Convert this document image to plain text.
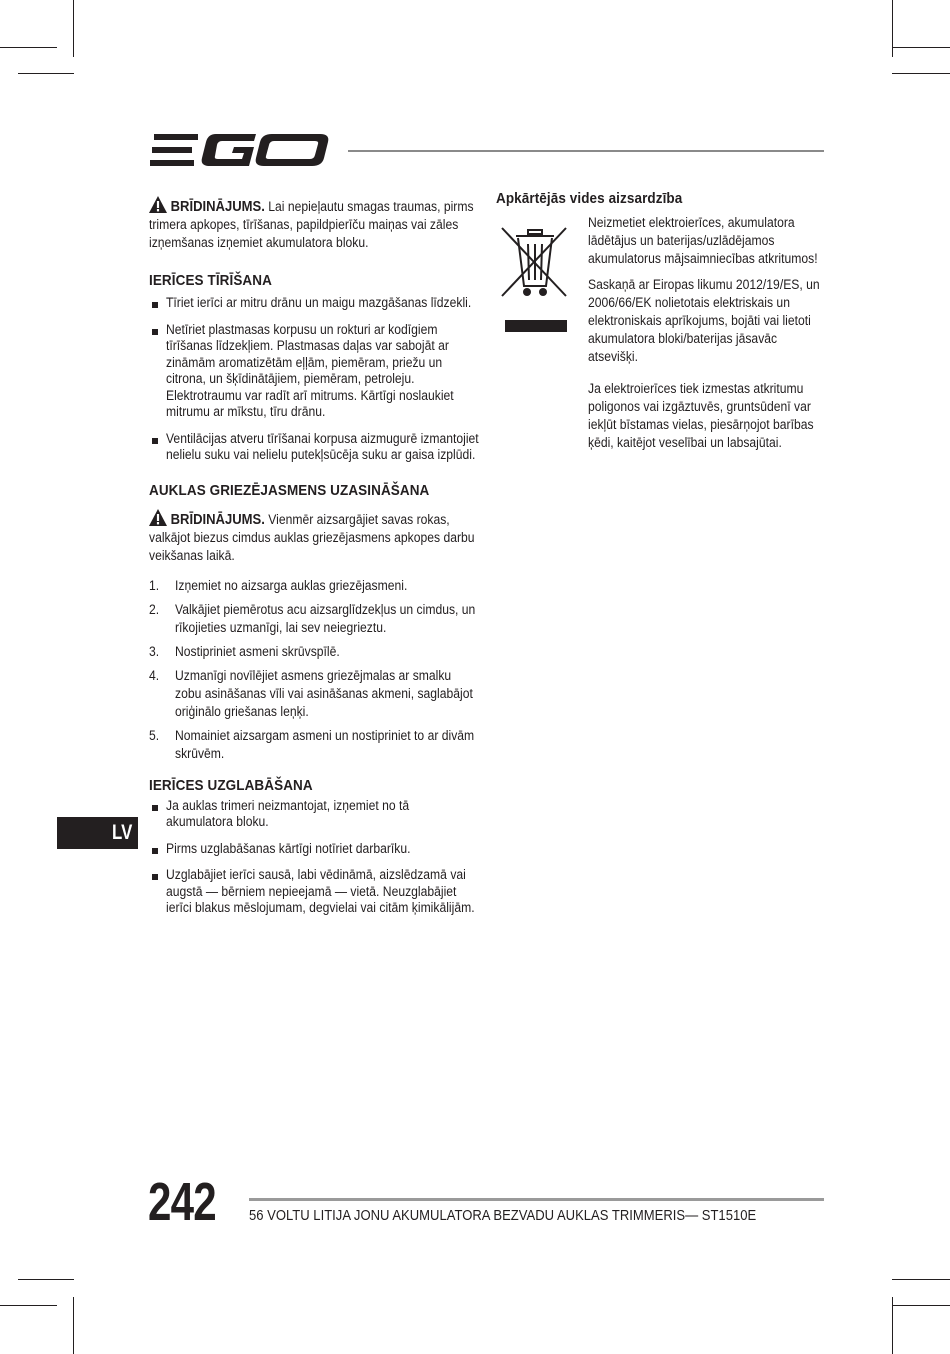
BRĪDINĀJUMS. Lai nepieļautu smagas traumas, pirms trimera apkopes, tīrīšanas, papildpierīču maiņas vai zāles izņemšanas izņemiet akumulatora bloku.

IERĪCES TĪRĪŠANA
Tīriet ierīci ar mitru drānu un maigu mazgāšanas līdzekli.
Netīriet plastmasas korpusu un rokturi ar kodīgiem tīrīšanas līdzekļiem. Plastmasas daļas var sabojāt ar zināmām aromatizētām eļļām, piemēram, priežu un citrona, un šķīdinātājiem, piemēram, petroleju. Elektrotraumu var radīt arī mitrums. Kārtīgi noslaukiet mitrumu ar mīkstu, tīru drānu.
Ventilācijas atveru tīrīšanai korpusa aizmugurē izmantojiet nelielu suku vai nelielu putekļsūcēja suku ar gaisa izplūdi.
AUKLAS GRIEZĒJASMENS UZASINĀŠANA

BRĪDINĀJUMS. Vienmēr aizsargājiet savas rokas, valkājot biezus cimdus auklas griezējasmens apkopes darbu veikšanas laikā.

1. Izņemiet no aizsarga auklas griezējasmeni.
2. Valkājiet piemērotus acu aizsarglīdzekļus un cimdus, un rīkojieties uzmanīgi, lai sev neiegrieztu.
3. Nostipriniet asmeni skrūvspīlē.
4. Uzmanīgi novīlējiet asmens griezējmalas ar smalku zobu asināšanas vīli vai asināšanas akmeni, saglabājot oriģinālo griešanas leņķi.
5. Nomainiet aizsargam asmeni un nostipriniet to ar divām skrūvēm.
IERĪCES UZGLABĀŠANA
Ja auklas trimeri neizmantojat, izņemiet no tā akumulatora bloku.
Pirms uzglabāšanas kārtīgi notīriet darbarīku.
Uzglabājiet ierīci sausā, labi vēdināmā, aizslēdzamā vai augstā — bērniem nepieejamā — vietā. Neuzglabājiet ierīci blakus mēslojumam, degvielai vai citām ķimikālijām.
Apkārtējās vides aizsardzība

Neizmetiet elektroierīces, akumulatora lādētājus un baterijas/uzlādējamos akumulatorus mājsaimniecības atkritumos!

Saskaņā ar Eiropas likumu 2012/19/ES, un 2006/66/EK nolietotais elektriskais un elektroniskais aprīkojums, bojāti vai lietoti akumulatora bloki/baterijas jāsavāc atsevišķi.

Ja elektroierīces tiek izmestas atkritumu poligonos vai izgāztuvēs, gruntsūdenī var iekļūt bīstamas vielas, piesārņojot barības ķēdi, kaitējot veselībai un labsajūtai.

LV
242 56 VOLTU LITIJA JONU AKUMULATORA BEZVADU AUKLAS TRIMMERIS— ST1510E
